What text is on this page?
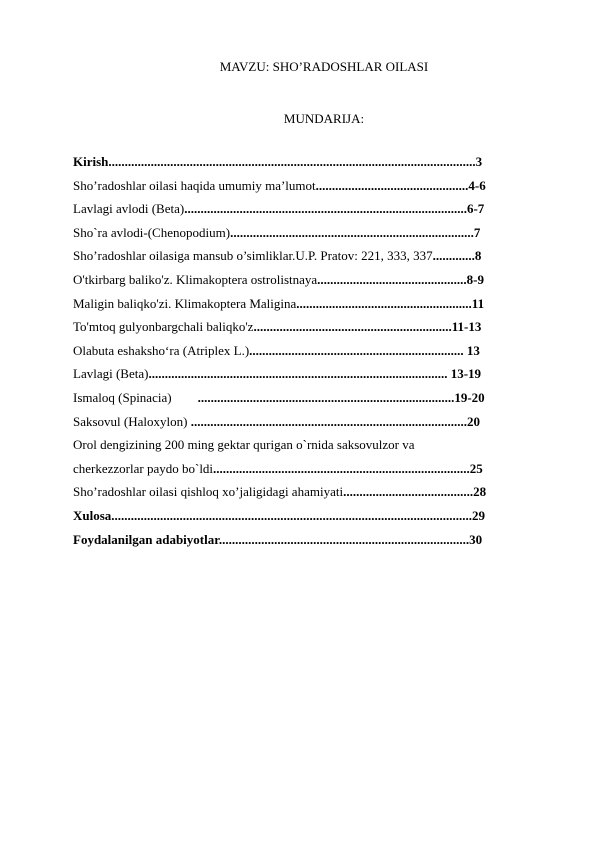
MAVZU: SHO’RADOSHLAR OILASI
MUNDARIJA:
Kirish.................................................................................................................3
Sho’radoshlar oilasi haqida umumiy ma’lumot...............................................4-6
Lavlagi avlodi (Beta).......................................................................................6-7
Sho`ra avlodi-(Chenopodium)...........................................................................7
Sho’radoshlar oilasiga mansub o’simliklar.U.P. Pratov: 221, 333, 337.............8
O'tkirbarg baliko'z. Klimakoptera ostrolistnaya..............................................8-9
Maligin baliqko'zi. Klimakoptera Maligina......................................................11
To'mtoq gulyonbargchali baliqko'z.............................................................11-13
Olabuta eshaksho‘ra (Atriplex L.).................................................................. 13
Lavlagi (Beta)............................................................................................ 13-19
Ismaloq (Spinacia)        ...............................................................................19-20
Saksovul (Haloxylon) .....................................................................................20
Orol dengizining 200 ming gektar qurigan o`rnida saksovulzor va
cherkezzorlar paydo bo`ldi...............................................................................25
Sho’radoshlar oilasi qishloq xo’jaligidagi ahamiyati........................................28
Xulosa...............................................................................................................29
Foydalanilgan adabiyotlar.............................................................................30
